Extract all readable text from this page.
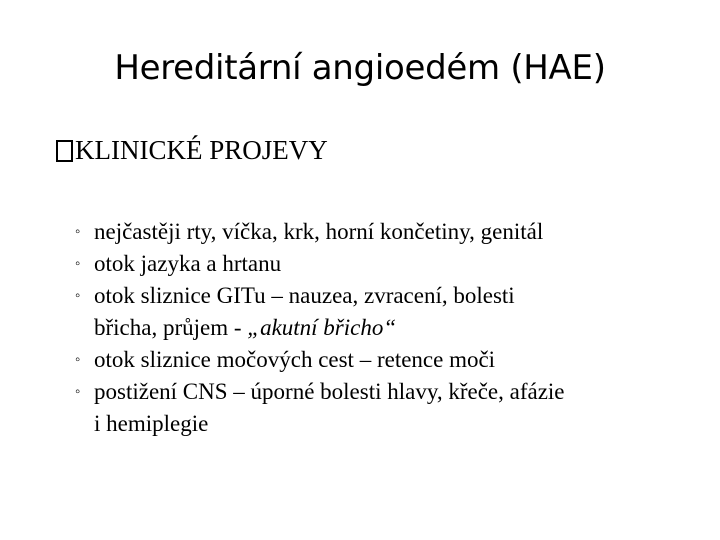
Hereditární angioedém (HAE)
KLINICKÉ PROJEVY
◦ nejčastěji rty, víčka, krk, horní končetiny, genitál
◦ otok jazyka a hrtanu
◦ otok sliznice GITu – nauzea, zvracení, bolesti
břicha, průjem - „akutní břicho“
◦ otok sliznice močových cest – retence moči
◦ postižení CNS – úporné bolesti hlavy, křeče, afázie
i hemiplegie
